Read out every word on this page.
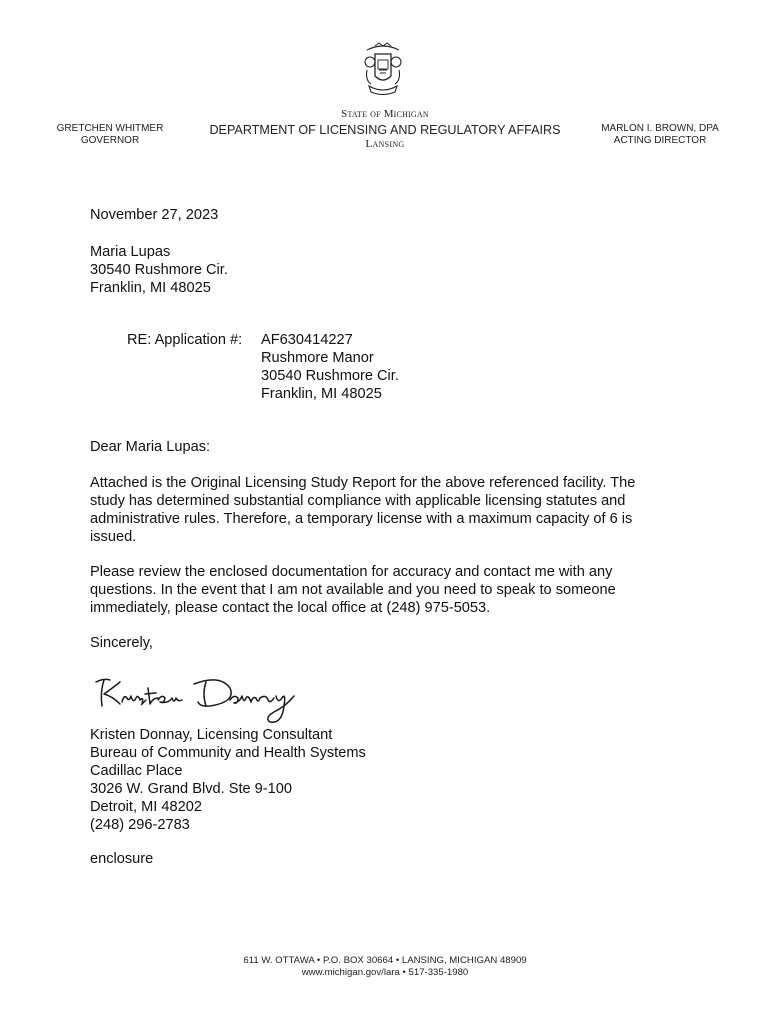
GRETCHEN WHITMER
GOVERNOR
State of Michigan
DEPARTMENT OF LICENSING AND REGULATORY AFFAIRS
Lansing
MARLON I. BROWN, DPA
ACTING DIRECTOR
November 27, 2023
Maria Lupas
30540 Rushmore Cir.
Franklin, MI 48025
RE: Application #: AF630414227
Rushmore Manor
30540 Rushmore Cir.
Franklin, MI 48025
Dear Maria Lupas:
Attached is the Original Licensing Study Report for the above referenced facility. The
study has determined substantial compliance with applicable licensing statutes and
administrative rules. Therefore, a temporary license with a maximum capacity of 6 is
issued.
Please review the enclosed documentation for accuracy and contact me with any
questions. In the event that I am not available and you need to speak to someone
immediately, please contact the local office at (248) 975-5053.
Sincerely,
Kristen Donnay, Licensing Consultant
Bureau of Community and Health Systems
Cadillac Place
3026 W. Grand Blvd. Ste 9-100
Detroit, MI 48202
(248) 296-2783
enclosure
611 W. OTTAWA • P.O. BOX 30664 • LANSING, MICHIGAN 48909
www.michigan.gov/lara • 517-335-1980
